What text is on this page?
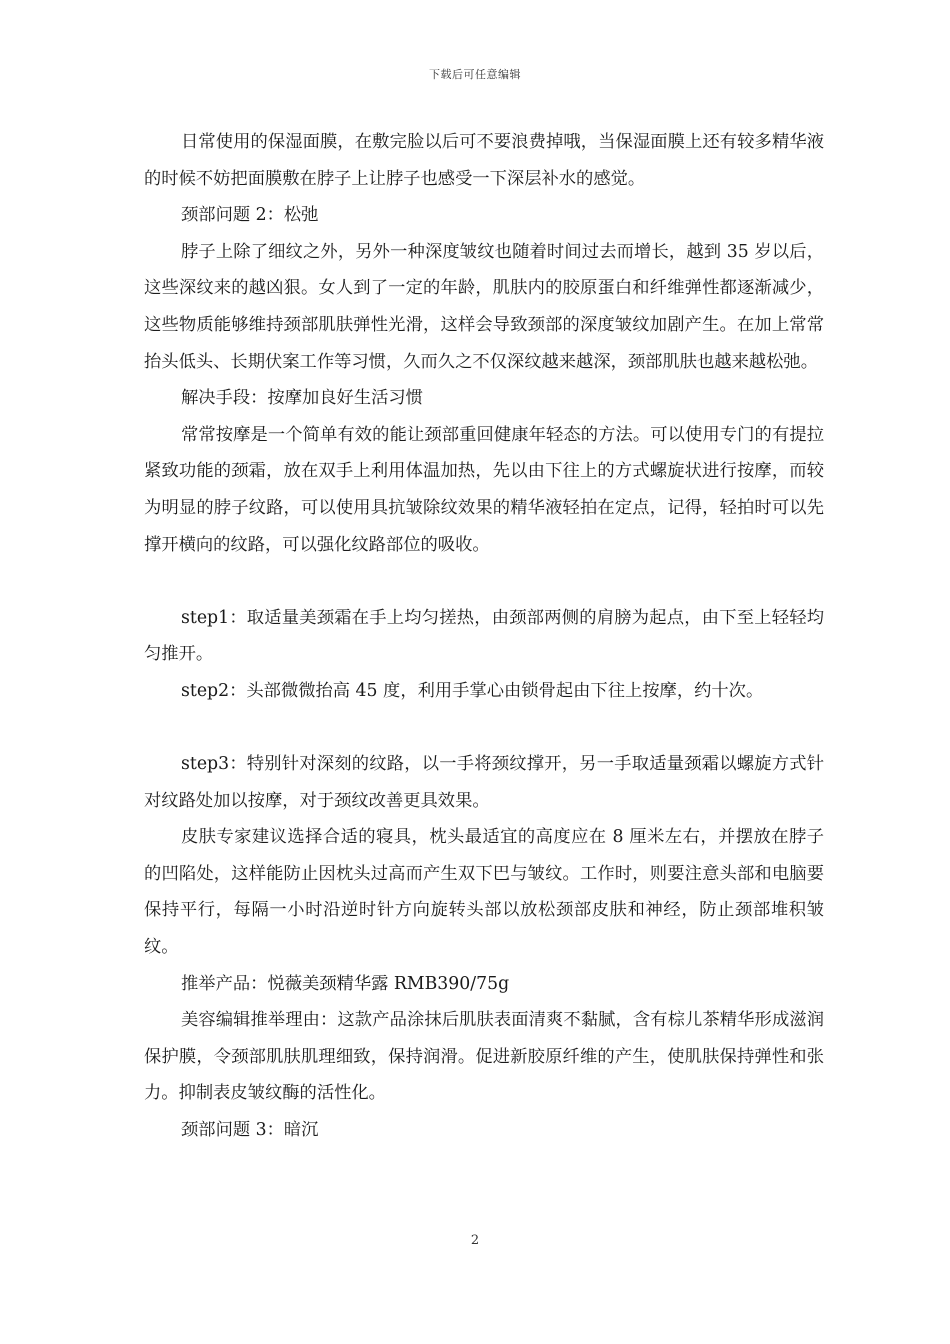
下载后可任意编辑

日常使用的保湿面膜，在敷完脸以后可不要浪费掉哦，当保湿面膜上还有较多精华液的时候不妨把面膜敷在脖子上让脖子也感受一下深层补水的感觉。

颈部问题 2：松弛

脖子上除了细纹之外，另外一种深度皱纹也随着时间过去而增长，越到 35 岁以后，这些深纹来的越凶狠。女人到了一定的年龄，肌肤内的胶原蛋白和纤维弹性都逐渐减少，这些物质能够维持颈部肌肤弹性光滑，这样会导致颈部的深度皱纹加剧产生。在加上常常抬头低头、长期伏案工作等习惯，久而久之不仅深纹越来越深，颈部肌肤也越来越松弛。

解决手段：按摩加良好生活习惯

常常按摩是一个简单有效的能让颈部重回健康年轻态的方法。可以使用专门的有提拉紧致功能的颈霜，放在双手上利用体温加热，先以由下往上的方式螺旋状进行按摩，而较为明显的脖子纹路，可以使用具抗皱除纹效果的精华液轻拍在定点，记得，轻拍时可以先撑开横向的纹路，可以强化纹路部位的吸收。

step1：取适量美颈霜在手上均匀搓热，由颈部两侧的肩膀为起点，由下至上轻轻均匀推开。

step2：头部微微抬高 45 度，利用手掌心由锁骨起由下往上按摩，约十次。

step3：特别针对深刻的纹路，以一手将颈纹撑开，另一手取适量颈霜以螺旋方式针对纹路处加以按摩，对于颈纹改善更具效果。

皮肤专家建议选择合适的寝具，枕头最适宜的高度应在 8 厘米左右，并摆放在脖子的凹陷处，这样能防止因枕头过高而产生双下巴与皱纹。工作时，则要注意头部和电脑要保持平行，每隔一小时沿逆时针方向旋转头部以放松颈部皮肤和神经，防止颈部堆积皱纹。

推举产品：悦薇美颈精华露 RMB390/75g

美容编辑推举理由：这款产品涂抹后肌肤表面清爽不黏腻，含有棕儿茶精华形成滋润保护膜，令颈部肌肤肌理细致，保持润滑。促进新胶原纤维的产生，使肌肤保持弹性和张力。抑制表皮皱纹酶的活性化。

颈部问题 3：暗沉

2
